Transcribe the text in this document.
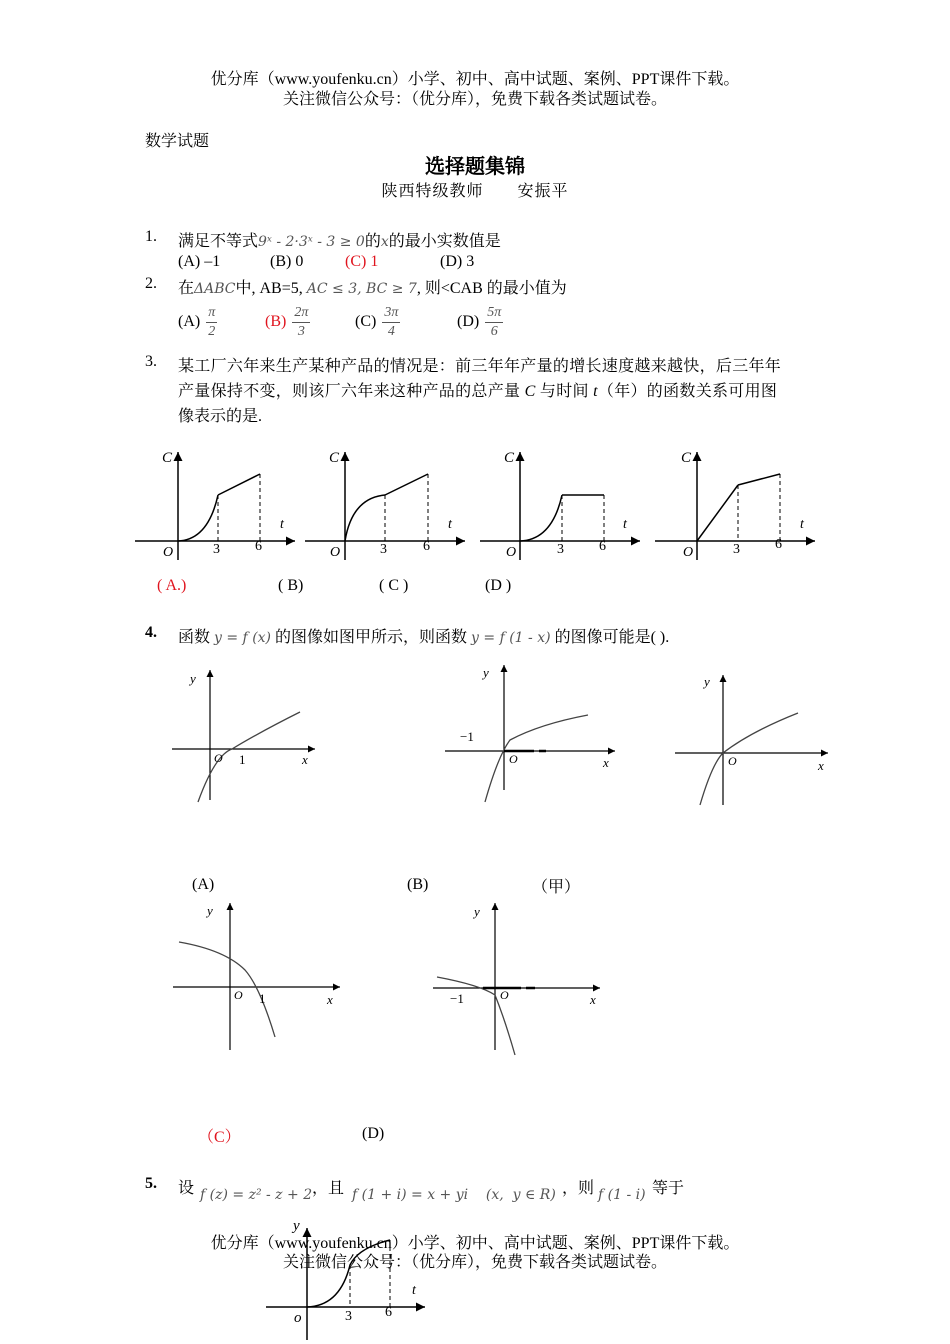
优分库（www.youfenku.cn）小学、初中、高中试题、案例、PPT课件下载。
关注微信公众号：（优分库），免费下载各类试题试卷。
数学试题
选择题集锦
陕西特级教师　　安振平
1. 满足不等式9ˣ - 2·3ˣ - 3 ≥ 0的x的最小实数值是
(A) –1	(B) 0	(C) 1	(D) 3
2. 在ΔABC中, AB=5, AC ≤ 3, BC ≥ 7, 则<CAB 的最小值为
$(A) \frac{\pi}{2}$	$(B) \frac{2\pi}{3}$	$(C) \frac{3\pi}{4}$	$(D) \frac{5\pi}{6}$
3. 某工厂六年来生产某种产品的情况是：前三年年产量的增长速度越来越快，后三年年
产量保持不变，则该厂六年来这种产品的总产量 C 与时间 t（年）的函数关系可用图
像表示的是.
C
t
O	3	6
C
t
O	3	6
C
t
O	3	6
C
t
O	3	6
( A.)	( B)	( C )	(D )
4. 函数 y = f (x) 的图像如图甲所示，则函数 y = f (1 - x) 的图像可能是( ).
y
x
O 1
y
x
O
−1
y
x
O
(A)	(B)	（甲）
y
x
O 1
y
x
O
−1
（C）	(D)
5. 设 f (z) = z² - z + 2 ，且 f (1 + i) = x + yi    (x,  y ∈ R) ，则 f (1 - i) 等于
y
t
o	3 6
优分库（www.youfenku.cn）小学、初中、高中试题、案例、PPT课件下载。
关注微信公众号：（优分库），免费下载各类试题试卷。
